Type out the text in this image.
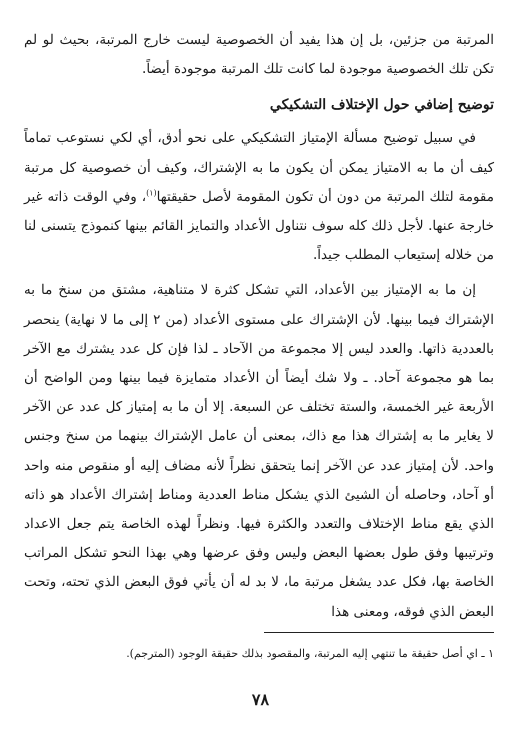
المرتبة من جزئين، بل إن هذا يفيد أن الخصوصية ليست خارج المرتبة، بحيث لو لم تكن تلك الخصوصية موجودة لما كانت تلك المرتبة موجودة أيضاً.

توضيح إضافي حول الإختلاف التشكيكي

في سبيل توضيح مسألة الإمتياز التشكيكي على نحو أدق، أي لكي نستوعب تماماً كيف أن ما به الامتياز يمكن أن يكون ما به الإشتراك، وكيف أن خصوصية كل مرتبة مقومة لتلك المرتبة من دون أن تكون المقومة لأصل حقيقتها$^{(١)}$، وفي الوقت ذاته غير خارجة عنها. لأجل ذلك كله سوف نتناول الأعداد والتمايز القائم بينها كنموذج يتسنى لنا من خلاله إستيعاب المطلب جيداً.

إن ما به الإمتياز بين الأعداد، التي تشكل كثرة لا متناهية، مشتق من سنخ ما به الإشتراك فيما بينها. لأن الإشتراك على مستوى الأعداد (من ٢ إلى ما لا نهاية) ينحصر بالعددية ذاتها. والعدد ليس إلا مجموعة من الآحاد ـ لذا فإن كل عدد يشترك مع الآخر بما هو مجموعة آحاد. ـ ولا شك أيضاً أن الأعداد متمايزة فيما بينها ومن الواضح أن الأربعة غير الخمسة، والستة تختلف عن السبعة. إلا أن ما به إمتياز كل عدد عن الآخر لا يغاير ما به إشتراك هذا مع ذاك، بمعنى أن عامل الإشتراك بينهما من سنخ وجنس واحد. لأن إمتياز عدد عن الآخر إنما يتحقق نظراً لأنه مضاف إليه أو منقوص منه واحد أو آحاد، وحاصله أن الشيئ الذي يشكل مناط العددية ومناط إشتراك الأعداد هو ذاته الذي يقع مناط الإختلاف والتعدد والكثرة فيها. ونظراً لهذه الخاصة يتم جعل الاعداد وترتيبها وفق طول بعضها البعض وليس وفق عرضها وهي بهذا النحو تشكل المراتب الخاصة بها، فكل عدد يشغل مرتبة ما، لا بد له أن يأتي فوق البعض الذي تحته، وتحت البعض الذي فوقه، ومعنى هذا

١ ـ اي أصل حقيقة ما تنتهي إليه المرتبة، والمقصود بذلك حقيقة الوجود (المترجم).
٧٨
